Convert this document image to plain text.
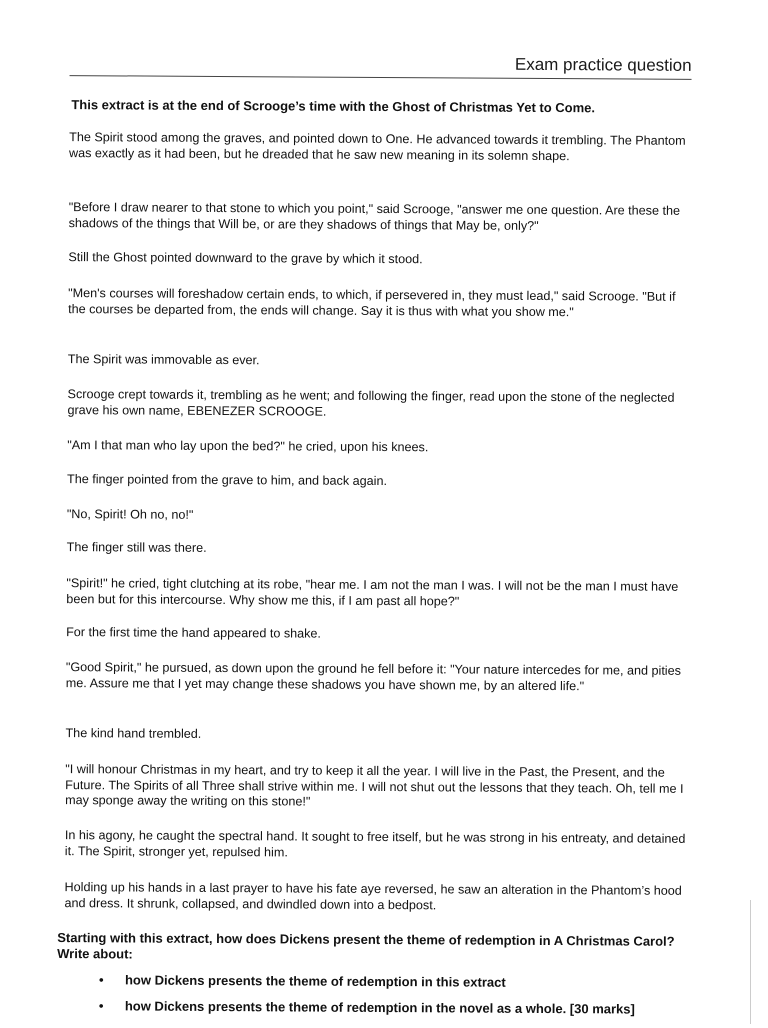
Exam practice question
This extract is at the end of Scrooge’s time with the Ghost of Christmas Yet to Come.
The Spirit stood among the graves, and pointed down to One. He advanced towards it trembling. The Phantom was exactly as it had been, but he dreaded that he saw new meaning in its solemn shape.
"Before I draw nearer to that stone to which you point," said Scrooge, "answer me one question. Are these the shadows of the things that Will be, or are they shadows of things that May be, only?"
Still the Ghost pointed downward to the grave by which it stood.
"Men's courses will foreshadow certain ends, to which, if persevered in, they must lead," said Scrooge. "But if the courses be departed from, the ends will change. Say it is thus with what you show me."
The Spirit was immovable as ever.
Scrooge crept towards it, trembling as he went; and following the finger, read upon the stone of the neglected grave his own name, EBENEZER SCROOGE.
"Am I that man who lay upon the bed?" he cried, upon his knees.
The finger pointed from the grave to him, and back again.
"No, Spirit! Oh no, no!"
The finger still was there.
"Spirit!" he cried, tight clutching at its robe, "hear me. I am not the man I was. I will not be the man I must have been but for this intercourse. Why show me this, if I am past all hope?"
For the first time the hand appeared to shake.
"Good Spirit," he pursued, as down upon the ground he fell before it: "Your nature intercedes for me, and pities me. Assure me that I yet may change these shadows you have shown me, by an altered life."
The kind hand trembled.
"I will honour Christmas in my heart, and try to keep it all the year. I will live in the Past, the Present, and the Future. The Spirits of all Three shall strive within me. I will not shut out the lessons that they teach. Oh, tell me I may sponge away the writing on this stone!"
In his agony, he caught the spectral hand. It sought to free itself, but he was strong in his entreaty, and detained it. The Spirit, stronger yet, repulsed him.
Holding up his hands in a last prayer to have his fate aye reversed, he saw an alteration in the Phantom’s hood and dress. It shrunk, collapsed, and dwindled down into a bedpost.
Starting with this extract, how does Dickens present the theme of redemption in A Christmas Carol? Write about:
•	how Dickens presents the theme of redemption in this extract
•	how Dickens presents the theme of redemption in the novel as a whole. [30 marks]
